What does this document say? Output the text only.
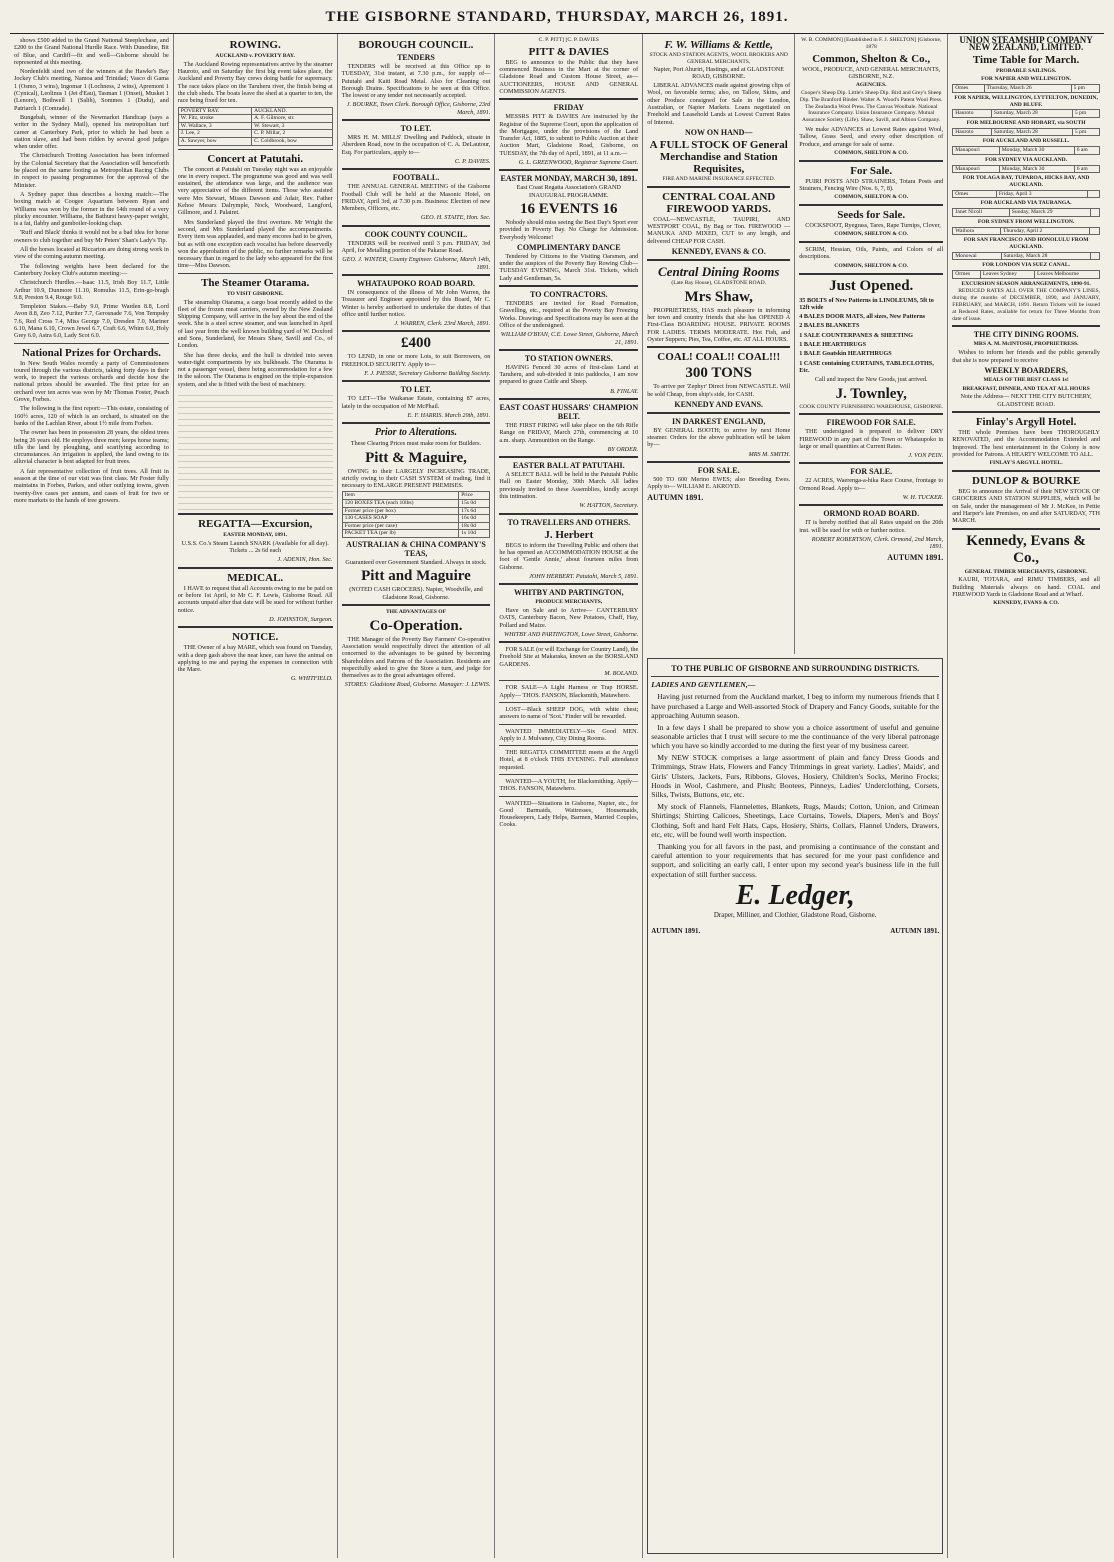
THE GISBORNE STANDARD, THURSDAY, MARCH 26, 1891.

shows £500 added to the Grand National Steeplechase, and £200 to the Grand National Hurdle Race. With Dunedine, Bit of Blue, and Cardiff—fit and well—Gisborne should be represented at this meeting.

Nordenfeldt sired two of the winners at the Hawke's Bay Jockey Club's meeting, Namoa and Trinidad; Vasco di Gama 1 (Osmo, 3 wins), Ingomar 1 (Lochness, 2 wins), Apremont 1 (Cynical), Leolinus 1 (Jet d'Eau), Tasman 1 (Onset), Musket 1 (Lenore), Bothwell 1 (Salih), Sommes 1 (Dudu), and Patriarch 1 (Comrade).

Bungebah, winner of the Newmarket Handicap (says a writer in the Sydney Mail), opened his metropolitan turf career at Canterbury Park, prior to which he had been a station slave, and had been ridden by several good judges when under offer.

The Christchurch Trotting Association has been informed by the Colonial Secretary that the Association will henceforth be placed on the same footing as Metropolitan Racing Clubs in respect to passing programmes for the approval of the Minister.

A Sydney paper thus describes a boxing match:—The boxing match at Coogee Aquarium between Ryan and Williams was won by the former in the 14th round of a very plucky encounter. Williams, the Bathurst heavy-paper weight, is a fat, flabby and gumboiler-looking chap.

'Ruff and Black' thinks it would not be a bad idea for horse owners to club together and buy Mr Peters' Shan's Lady's Tip.

All the horses located at Riccarton are doing strong work in view of the coming autumn meeting.

The following weights have been declared for the Canterbury Jockey Club's autumn meeting:—

Christchurch Hurdles.—Isaac 11.5, Irish Boy 11.7, Little Arthur 10.9, Dunmore 11.10, Romulus 11.5, Erin-go-bragh 9.8, Preston 9.4, Rouge 9.0.

Templeton Stakes.—Baby 9.0, Prime Warden 8.8, Lord Avon 8.8, Zeo 7.12, Puriter 7.7, Gerosnade 7.6, Von Tempsky 7.6, Red Cross 7.4, Miss George 7.0, Dresden 7.0, Mariner 6.10, Mana 6.10, Crown Jewel 6.7, Craft 6.6, Whim 6.0, Holy Grey 6.0, Astra 6.0, Lady Scot 6.0.

National Prizes for Orchards.

In New South Wales recently a party of Commissioners toured through the various districts, taking forty days in their work, to inspect the various orchards and decide how the national prizes should be awarded. The first prize for an orchard over ten acres was won by Mr Thomas Foster, Peach Grove, Forbes.

The following is the first report:—This estate, consisting of 160½ acres, 120 of which is an orchard, is situated on the banks of the Lachlan River, about 1½ mile from Forbes.

The owner has been in possession 28 years, the oldest trees being 26 years old. He employs three men; keeps horse teams; tills the land by ploughing, and scarifying according to circumstances. An irrigation is applied, the land owing to its alluvial character is best adapted for fruit trees.

A fair representative collection of fruit trees. All fruit in season at the time of our visit was first class. Mr Foster fully maintains in Forbes, Parkes, and other outlying towns, given twenty-five cases per annum, and cases of fruit for two or more markets to the hands of tree growers.

ROWING.
AUCKLAND v. POVERTY BAY.

The Auckland Rowing representatives arrive by the steamer Hauroto, and on Saturday the first big event takes place, the Auckland and Poverty Bay crews doing battle for supremacy. The race takes place on the Taruheru river, the finish being at the club sheds. The boats leave the shed at a quarter to ten, the race being fixed for ten.

POVERTY BAY.	AUCKLAND.
W. Fitz, stroke	A. F. Gilmore, str.
W. Wallace, 3	W. Stewart, 3
J. Lee, 2	C. P. Millar, 2
A. Sawyer, bow	C. Coldbrook, bow
Concert at Patutahi.

The concert at Patutahi on Tuesday night was an enjoyable one in every respect. The programme was good and was well sustained, the attendance was large, and the audience was very appreciative of the different items. Those who assisted were Mrs Stewart, Misses Dawson and Adair, Rev. Father Kehoe Messrs Dalrymple, Nock, Woodward, Langford, Gillmore, and J. Palairet.

Mrs Sunderland played the first overture. Mr Wright the second, and Mrs Sunderland played the accompaniments. Every item was applauded, and many encores had to be given, but as with one exception each vocalist has before deservedly won the approbation of the public, no further remarks will be necessary than in regard to the lady who appeared for the first time—Miss Dawson.

The Steamer Otarama.
TO VISIT GISBORNE.

The steamship Otarama, a cargo boat recently added to the fleet of the frozen meat carriers, owned by the New Zealand Shipping Company, will arrive in the bay about the end of the week. She is a steel screw steamer, and was launched in April of last year from the well known building yard of W. Doxford and Sons, Sunderland, for Messrs Shaw, Savill and Co., of London.

She has three decks, and the hull is divided into seven water-tight compartments by six bulkheads. The Otarama is not a passenger vessel, there being accommodation for a few in the saloon. The Otarama is engined on the triple-expansion system, and she is fitted with the best of machinery.

REGATTA—Excursion,
EASTER MONDAY, 1891.

U.S.S. Co.'s Steam Launch SNARK (Available for all day). Tickets ... 2s 6d each

J. ADENIN, Hon. Sec.

MEDICAL.

I HAVE to request that all Accounts owing to me be paid on or before 1st April, to Mr C. F. Lewis, Gisborne Road. All accounts unpaid after that date will be sued for without further notice.

D. JOHNSTON, Surgeon.

NOTICE.

THE Owner of a bay MARE, which was found on Tuesday, with a deep gash above the near knee, can have the animal on applying to me and paying the expenses in connection with the Mare.

G. WHITFIELD.

BOROUGH COUNCIL.
TENDERS

TENDERS will be received at this Office up to TUESDAY, 31st instant, at 7.30 p.m., for supply of— Patutahi and Kaiti Road Metal. Also for Cleaning out Borough Drains. Specifications to be seen at this Office. The lowest or any tender not necessarily accepted.

J. BOURKE, Town Clerk. Borough Office, Gisborne, 23rd March, 1891.

TO LET.

MRS H. M. MILLS' Dwelling and Paddock, situate in Aberdeen Road, now in the occupation of C. A. DeLautour, Esq. For particulars, apply to—

C. P. DAVIES.

FOOTBALL.

THE ANNUAL GENERAL MEETING of the Gisborne Football Club will be held at the Masonic Hotel, on FRIDAY, April 3rd, at 7.30 p.m. Business: Election of new Members, Officers, etc.

GEO. H. STAITE, Hon. Sec.

COOK COUNTY COUNCIL.

TENDERS will be received until 3 p.m. FRIDAY, 3rd April, for Metalling portion of the Pakarae Road.

GEO. J. WINTER, County Engineer. Gisborne, March 14th, 1891.

WHATAUPOKO ROAD BOARD.

IN consequence of the illness of Mr John Warren, the Treasurer and Engineer appointed by this Board, Mr C. Winter is hereby authorised to undertake the duties of that office until further notice.

J. WARREN, Clerk. 23rd March, 1891.

£400

TO LEND, in one or more Lots, to suit Borrowers, on FREEHOLD SECURITY. Apply to—

F. J. PIESSE, Secretary Gisborne Building Society.

TO LET.

TO LET—The Waikanae Estate, containing 87 acres, lately in the occupation of Mr McPhail.

E. F. HARRIS. March 20th, 1891.

Prior to Alterations.

These Clearing Prices must make room for Builders.

Pitt & Maguire,

OWING to their LARGELY INCREASING TRADE, strictly owing to their CASH SYSTEM of trading, find it necessary to ENLARGE PRESENT PREMISES.

Item	Price
120 BOXES TEA (each 10lbs)	15s 0d
Former price (per box)	17s 6d
130 CASES SOAP	16s 0d
Former price (per case)	18s 0d
PACKET TEA (per lb)	1s 10d
AUSTRALIAN & CHINA COMPANY'S TEAS,

Guaranteed over Government Standard. Always in stock.

Pitt and Maguire

(NOTED CASH GROCERS). Napier, Woodville, and Gladstone Road, Gisborne.

THE ADVANTAGES OF
Co-Operation.

THE Manager of the Poverty Bay Farmers' Co-operative Association would respectfully direct the attention of all concerned to the advantages to be gained by becoming Shareholders and Patrons of the Association. Residents are respectfully asked to give the Store a turn, and judge for themselves as to the great advantages offered.

STORES: Gladstone Road, Gisborne. Manager: J. LEWIS.

C. P. PITT] [C. P. DAVIES
PITT & DAVIES

BEG to announce to the Public that they have commenced Business in the Mart at the corner of Gladstone Road and Custom House Street, as— AUCTIONEERS, HOUSE AND GENERAL COMMISSION AGENTS.

FRIDAY

MESSRS PITT & DAVIES Are instructed by the Registrar of the Supreme Court, upon the application of the Mortgagee, under the provisions of the Land Transfer Act, 1885, to submit to Public Auction at their Auction Mart, Gladstone Road, Gisborne, on TUESDAY, the 7th day of April, 1891, at 11 a.m.—

G. L. GREENWOOD, Registrar Supreme Court.

EASTER MONDAY, MARCH 30, 1891.

East Coast Regatta Association's GRAND INAUGURAL PROGRAMME.

16 EVENTS 16

Nobody should miss seeing the Best Day's Sport ever provided in Poverty Bay. No Charge for Admission. Everybody Welcome!

COMPLIMENTARY DANCE

Tendered by Citizens to the Visiting Oarsmen, and under the auspices of the Poverty Bay Rowing Club—TUESDAY EVENING, March 31st. Tickets, which Lady and Gentleman, 5s.

TO CONTRACTORS.

TENDERS are invited for Road Formation, Gravelling, etc., required at the Poverty Bay Freezing Works. Drawings and Specifications may be seen at the Office of the undersigned.

WILLIAM O'BYAN, C.E. Lowe Street, Gisborne, March 21, 1891.

TO STATION OWNERS.

HAVING Fenced 30 acres of first-class Land at Taruheru, and sub-divided it into paddocks, I am now prepared to graze Cattle and Sheep.

B. FINLAY.

EAST COAST HUSSARS' CHAMPION BELT.

THE FIRST FIRING will take place on the 6th Rifle Range on FRIDAY, March 27th, commencing at 10 a.m. sharp. Ammunition on the Range.

BY ORDER.

EASTER BALL AT PATUTAHI.

A SELECT BALL will be held in the Patutahi Public Hall on Easter Monday, 30th March. All ladies previously invited to these Assemblies, kindly accept this intimation.

W. HATTON, Secretary.

TO TRAVELLERS AND OTHERS.
J. Herbert

BEGS to inform the Travelling Public and others that he has opened an ACCOMMODATION HOUSE at the foot of 'Gentle Annie,' about fourteen miles from Gisborne.

JOHN HERBERT. Patutahi, March 5, 1891.

WHITBY AND PARTINGTON,
PRODUCE MERCHANTS,

Have on Sale and to Arrive— CANTERBURY OATS, Canterbury Bacon, New Potatoes, Chaff, Hay, Pollard and Maize.

WHITBY AND PARTINGTON, Lowe Street, Gisborne.

FOR SALE (or will Exchange for Country Land), the Freehold Site at Makaraka, known as the BORSLAND GARDENS.

M. BOLAND.

FOR SALE—A Light Harness or Trap HORSE. Apply— THOS. FANSON, Blacksmith, Matawhero.

LOST—Black SHEEP DOG, with white chest; answers to name of 'Scot.' Finder will be rewarded.

WANTED IMMEDIATELY—Six Good MEN. Apply to J. Mulvaney, City Dining Rooms.

THE REGATTA COMMITTEE meets at the Argyll Hotel, at 8 o'clock THIS EVENING. Full attendance requested.

WANTED—A YOUTH, for Blacksmithing. Apply—THOS. FANSON, Matawhero.

WANTED—Situations in Gisborne, Napier, etc., for Good Barmaids, Waitresses, Housemaids, Housekeepers, Lady Helps, Barmen, Married Couples, Cooks.

F. W. Williams & Kettle,
STOCK AND STATION AGENTS, WOOL BROKERS AND GENERAL MERCHANTS,

Napier, Port Ahuriri, Hastings, and at GLADSTONE ROAD, GISBORNE.

LIBERAL ADVANCES made against growing clips of Wool, on favorable terms; also, on Tallow, Skins, and other Produce consigned for Sale in the London, Australian, or Napier Markets. Loans negotiated on Freehold and Leasehold Lands at Lowest Current Rates of Interest.

NOW ON HAND—
A FULL STOCK OF General Merchandise and Station Requisites,
FIRE AND MARINE INSURANCE EFFECTED.
CENTRAL COAL AND FIREWOOD YARDS.

COAL—NEWCASTLE, TAUPIRI, AND WESTPORT COAL, By Bag or Ton. FIREWOOD — MANUKA AND MIXED, CUT to any length, and delivered CHEAP FOR CASH.

KENNEDY, EVANS & CO.
Central Dining Rooms
(Late Bay House), GLADSTONE ROAD.
Mrs Shaw,

PROPRIETRESS, HAS much pleasure in informing her town and country friends that she has OPENED A First-Class BOARDING HOUSE. PRIVATE ROOMS FOR LADIES. TERMS MODERATE. Hot Fish, and Oyster Suppers; Pies, Tea, Coffee, etc. AT ALL HOURS.

COAL! COAL!! COAL!!!
300 TONS

To arrive per 'Zephyr' Direct from NEWCASTLE. Will be sold Cheap, from ship's side, for CASH.

KENNEDY AND EVANS.
IN DARKEST ENGLAND,

BY GENERAL BOOTH; to arrive by next Home steamer. Orders for the above publication will be taken by—

MRS M. SMITH.

FOR SALE.

500 TO 600 Merino EWES; also Breeding Ewes. Apply to— WILLIAM E. AKROYD.

AUTUMN 1891.
W. B. COMMON] [Established in F. J. SHELTON] [Gisborne, 1878
Common, Shelton & Co.,

WOOL, PRODUCE, AND GENERAL MERCHANTS, GISBORNE, N.Z.

AGENCIES.

Cooper's Sheep Dip. Little's Sheep Dip. Bird and Grey's Sheep Dip. The Branford Binder. Walter A. Wood's Patent Wool Press. The Zealandia Wool Press. The Canvas Woolbale. National Insurance Company. Union Insurance Company. Mutual Assurance Society (Life). Shaw, Savill, and Albion Company.

We make ADVANCES at Lowest Rates against Wool, Tallow, Grass Seed, and every other description of Produce, and arrange for sale of same.

COMMON, SHELTON & CO.
For Sale.

PUIRI POSTS AND STRAINERS, Totara Posts and Strainers, Fencing Wire (Nos. 6, 7, 8).

COMMON, SHELTON & CO.
Seeds for Sale.

COCKSFOOT, Ryegrass, Tares, Rape Turnips, Clover,

COMMON, SHELTON & CO.

SCRIM, Hessian, Oils, Paints, and Colors of all descriptions.

COMMON, SHELTON & CO.
Just Opened.
35 BOLTS of New Patterns in LINOLEUMS, 5ft to 12ft wide
4 BALES DOOR MATS, all sizes, New Patterns
2 BALES BLANKETS
1 SALE COUNTERPANES & SHEETING
1 BALE HEARTHRUGS
1 BALE Goatskin HEARTHRUGS
1 CASE containing CURTAINS, TABLECLOTHS, Etc.

Call and inspect the New Goods, just arrived.

J. Townley,
COOK COUNTY FURNISHING WAREHOUSE, GISBORNE.
FIREWOOD FOR SALE.

THE undersigned is prepared to deliver DRY FIREWOOD in any part of the Town or Whataupoko in large or small quantities at Current Rates.

J. VON PEIN.

FOR SALE.

22 ACRES, Waerenga-a-hika Race Course, frontage to Ormond Road. Apply to—

W. H. TUCKER.

ORMOND ROAD BOARD.

IT is hereby notified that all Rates unpaid on the 20th inst. will be sued for with or further notice.

ROBERT ROBERTSON, Clerk. Ormond, 2nd March, 1891.

AUTUMN 1891.
TO THE PUBLIC OF GISBORNE AND SURROUNDING DISTRICTS.
LADIES AND GENTLEMEN,—

Having just returned from the Auckland market, I beg to inform my numerous friends that I have purchased a Large and Well-assorted Stock of Drapery and Fancy Goods, suitable for the approaching Autumn season.

In a few days I shall be prepared to show you a choice assortment of useful and genuine seasonable articles that I trust will secure to me the continuance of the very liberal patronage which you have so kindly accorded to me during the first year of my business career.

My NEW STOCK comprises a large assortment of plain and fancy Dress Goods and Trimmings, Straw Hats, Flowers and Fancy Trimmings in great variety. Ladies', Maids', and Girls' Ulsters, Jackets, Furs, Ribbons, Gloves, Hosiery, Children's Socks, Merino Frocks; Hoods in Wool, Cashmere, and Plush; Bootees, Pinneys, Ladies' Underclothing, Corsets, Silks, Twists, Buttons, etc, etc.

My stock of Flannels, Flannelettes, Blankets, Rugs, Mauds; Cotton, Union, and Crimean Shirtings; Shirting Calicoes, Sheetings, Lace Curtains, Towels, Diapers, Men's and Boys' Clothing, Soft and hard Felt Hats, Caps, Hosiery, Shirts, Collars, Flannel Unders, Drawers, etc, etc, will be found well worth inspection.

Thanking you for all favors in the past, and promising a continuance of the constant and careful attention to your requirements that has secured for me your past confidence and support, and soliciting an early call, I enter upon my second year's business life in the full expectation of still further success.

E. Ledger,
Draper, Milliner, and Clothier, Gladstone Road, Gisborne.
AUTUMN 1891.	AUTUMN 1891.
UNION STEAMSHIP COMPANY NEW ZEALAND, LIMITED.
Time Table for March.
PROBABLE SAILINGS.
FOR NAPIER AND WELLINGTON.
Omes	Thursday, March 26	5 pm
FOR NAPIER, WELLINGTON, LYTTELTON, DUNEDIN, AND BLUFF.
Hauroto	Saturday, March 28	5 pm
FOR MELBOURNE AND HOBART, via SOUTH
Hauroto	Saturday, March 28	5 pm
FOR AUCKLAND AND RUSSELL.
Manapouri	Monday, March 30	6 am
FOR SYDNEY VIA AUCKLAND.
Manapouri	Monday, March 30	6 am
FOR TOLAGA BAY, TUPAROA, HICKS BAY, AND AUCKLAND.
Omes	Friday, April 3	
FOR AUCKLAND VIA TAURANGA.
Janet Nicoll	Sunday, March 29	
FOR SYDNEY FROM WELLINGTON.
Waihora	Thursday, April 2	
FOR SAN FRANCISCO AND HONOLULU FROM AUCKLAND.
Monowai	Saturday, March 28	
FOR LONDON VIA SUEZ CANAL.
Ormes	Leaves Sydney	Leaves Melbourne
EXCURSION SEASON ARRANGEMENTS, 1890-91.

REDUCED RATES ALL OVER THE COMPANY'S LINES, during the months of DECEMBER, 1890, and JANUARY, FEBRUARY, and MARCH, 1891. Return Tickets will be issued at Reduced Rates, available for return for Three Months from date of issue.

THE CITY DINING ROOMS.
MRS A. M. McINTOSH, PROPRIETRESS.

Wishes to inform her friends and the public generally that she is now prepared to receive

WEEKLY BOARDERS,
MEALS OF THE BEST CLASS 1s!
BREAKFAST, DINNER, AND TEA AT ALL HOURS

Note the Address— NEXT THE CITY BUTCHERY, GLADSTONE ROAD.

Finlay's Argyll Hotel.

THE whole Premises have been THOROUGHLY RENOVATED, and the Accommodation Extended and Improved. The best entertainment in the Colony is now provided for Patrons. A HEARTY WELCOME TO ALL.

FINLAY'S ARGYLL HOTEL.
DUNLOP & BOURKE

BEG to announce the Arrival of their NEW STOCK OF GROCERIES AND STATION SUPPLIES, which will be on Sale, under the management of Mr J. McKee, in Pettie and Harper's late Premises, on and after SATURDAY, 7TH MARCH.

Kennedy, Evans & Co.,
GENERAL TIMBER MERCHANTS, GISBORNE.

KAURI, TOTARA, and RIMU TIMBERS, and all Building Materials always on hand. COAL and FIREWOOD Yards in Gladstone Road and at Wharf.

KENNEDY, EVANS & CO.
